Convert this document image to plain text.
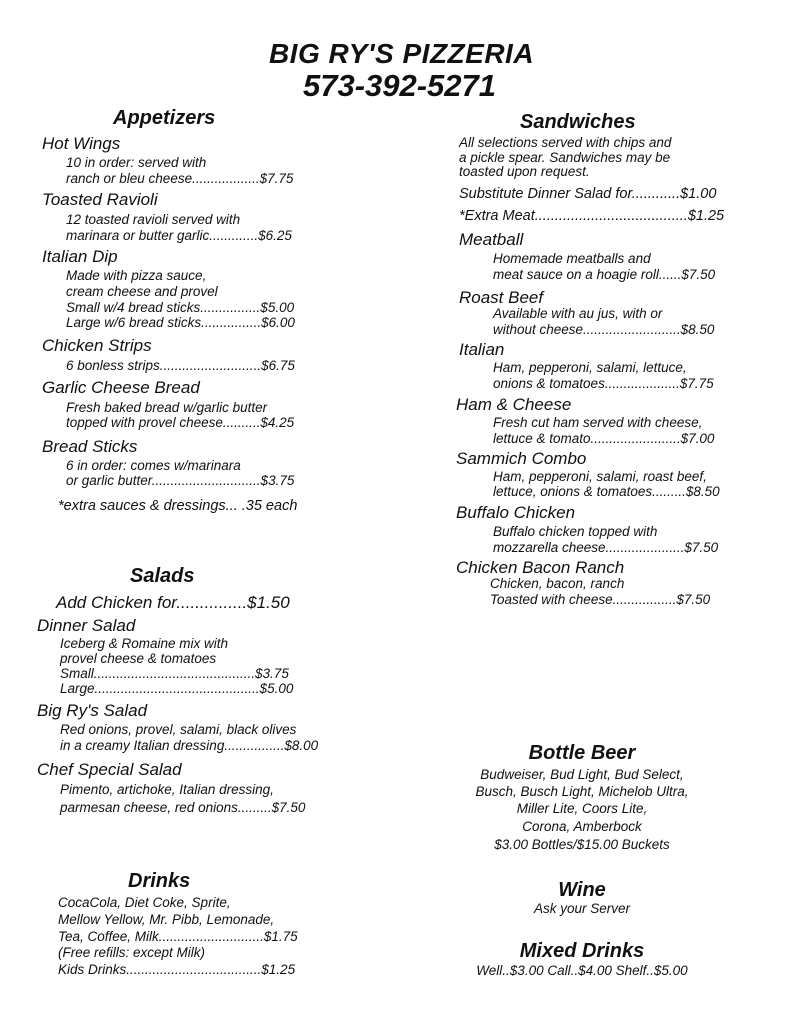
BIG RY'S PIZZERIA
573-392-5271
Appetizers
Hot Wings
10 in order: served with
ranch or bleu cheese..................$7.75
Toasted Ravioli
12 toasted ravioli served with
marinara or butter garlic.............$6.25
Italian Dip
Made with pizza sauce,
cream cheese and provel
Small w/4 bread sticks................$5.00
Large w/6 bread sticks................$6.00
Chicken Strips
6 bonless strips...........................$6.75
Garlic Cheese Bread
Fresh baked bread w/garlic butter
topped with provel cheese..........$4.25
Bread Sticks
6 in order: comes w/marinara
or garlic butter.............................$3.75
*extra sauces & dressings... .35 each
Salads
Add Chicken for...............$1.50
Dinner Salad
Iceberg & Romaine mix with
provel cheese & tomatoes
Small...........................................$3.75
Large............................................$5.00
Big Ry's Salad
Red onions, provel, salami, black olives
in a creamy Italian dressing................$8.00
Chef Special Salad
Pimento, artichoke, Italian dressing,
parmesan cheese, red onions.........$7.50
Drinks
CocaCola, Diet Coke, Sprite,
Mellow Yellow, Mr. Pibb, Lemonade,
Tea, Coffee, Milk............................$1.75
(Free refills: except Milk)
Kids Drinks....................................$1.25
Sandwiches
All selections served with chips and
a pickle spear. Sandwiches may be
toasted upon request.
Substitute Dinner Salad for............$1.00
*Extra Meat......................................$1.25
Meatball
Homemade meatballs and
meat sauce on a hoagie roll......$7.50
Roast Beef
Available with au jus, with or
without cheese..........................$8.50
Italian
Ham, pepperoni, salami, lettuce,
onions & tomatoes....................$7.75
Ham & Cheese
Fresh cut ham served with cheese,
lettuce & tomato........................$7.00
Sammich Combo
Ham, pepperoni, salami, roast beef,
lettuce, onions & tomatoes.........$8.50
Buffalo Chicken
Buffalo chicken topped with
mozzarella cheese.....................$7.50
Chicken Bacon Ranch
Chicken, bacon, ranch
Toasted with cheese.................$7.50
Bottle Beer
Budweiser, Bud Light, Bud Select,
Busch, Busch Light, Michelob Ultra,
Miller Lite, Coors Lite,
Corona, Amberbock
$3.00 Bottles/$15.00 Buckets
Wine
Ask your Server
Mixed Drinks
Well..$3.00 Call..$4.00 Shelf..$5.00
